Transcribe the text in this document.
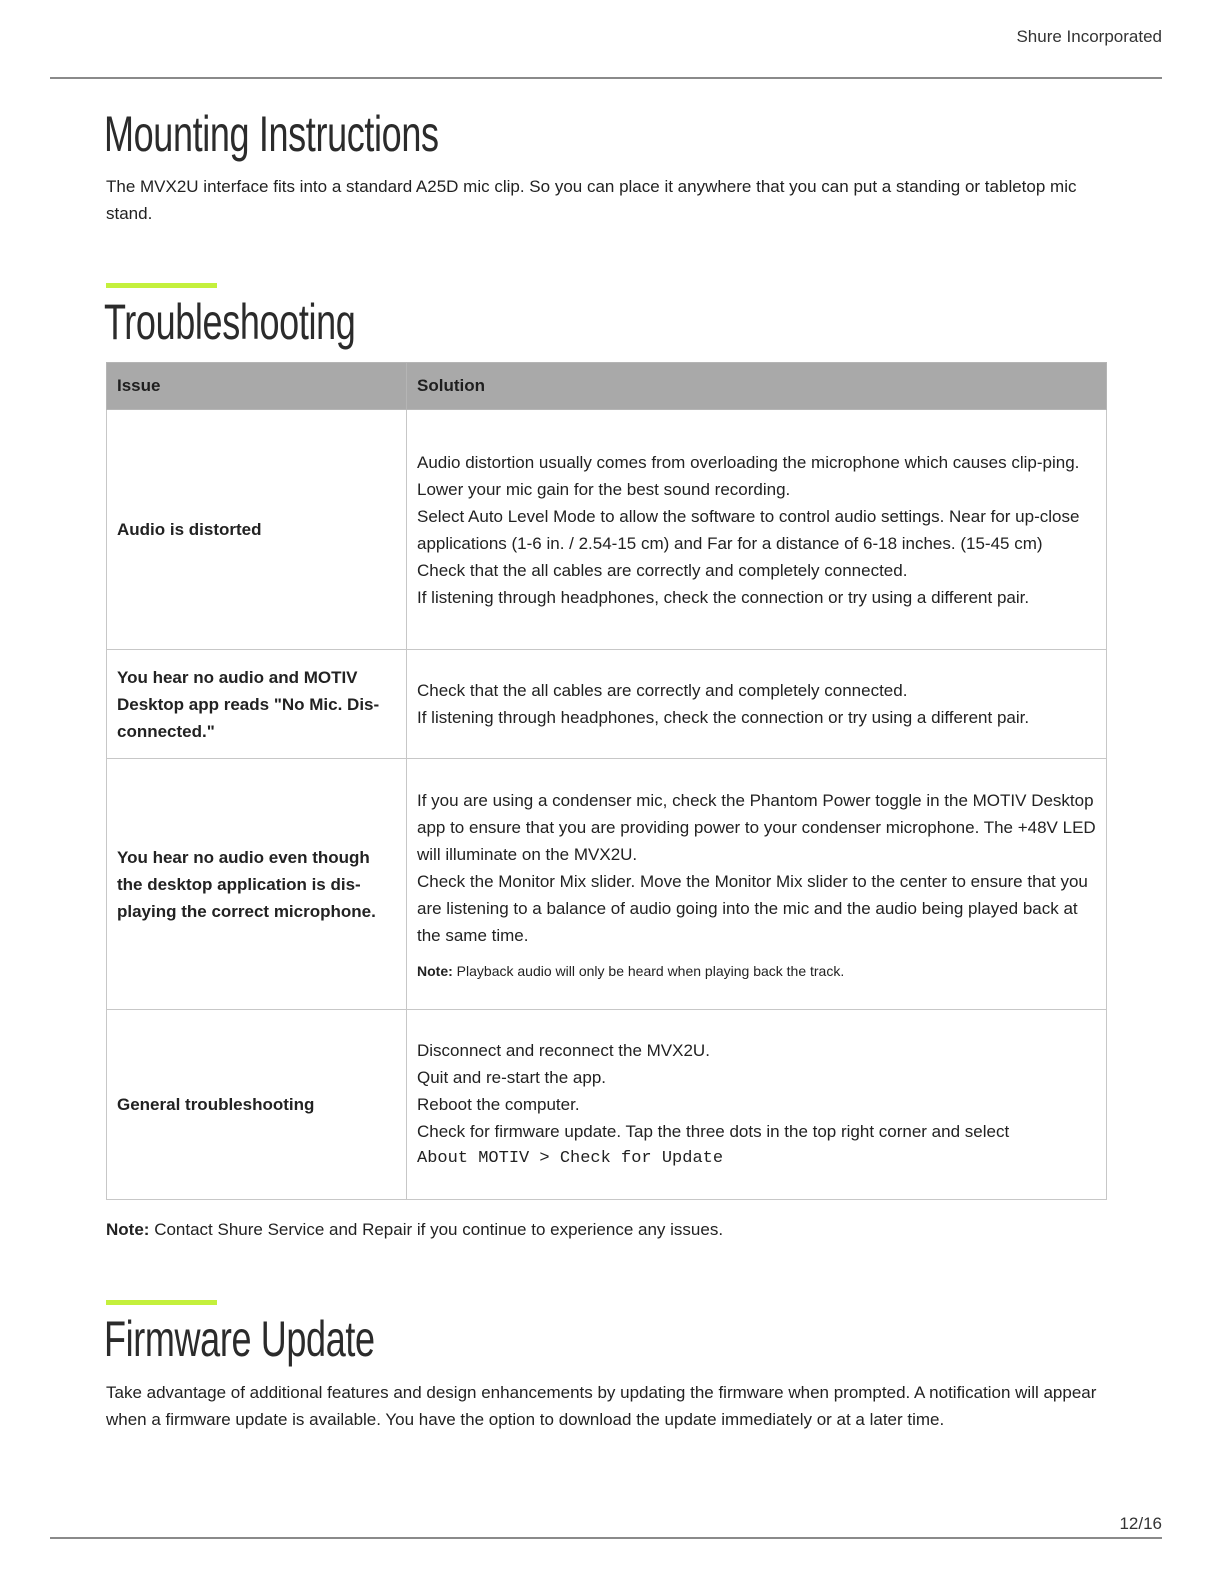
Shure Incorporated
Mounting Instructions

The MVX2U interface fits into a standard A25D mic clip. So you can place it anywhere that you can put a standing or tabletop mic stand.

Troubleshooting
Issue	Solution
Audio is distorted	Audio distortion usually comes from overloading the microphone which causes clip-ping. Lower your mic gain for the best sound recording.
Select Auto Level Mode to allow the software to control audio settings. Near for up-close applications (1-6 in. / 2.54-15 cm) and Far for a distance of 6-18 inches. (15-45 cm)
Check that the all cables are correctly and completely connected.
If listening through headphones, check the connection or try using a different pair.

You hear no audio and MOTIV Desktop app reads "No Mic. Dis-connected."	Check that the all cables are correctly and completely connected.
If listening through headphones, check the connection or try using a different pair.

You hear no audio even though the desktop application is dis-playing the correct microphone.	If you are using a condenser mic, check the Phantom Power toggle in the MOTIV Desktop app to ensure that you are providing power to your condenser microphone. The +48V LED will illuminate on the MVX2U.
Check the Monitor Mix slider. Move the Monitor Mix slider to the center to ensure that you are listening to a balance of audio going into the mic and the audio being played back at the same time.
Note: Playback audio will only be heard when playing back the track.

General troubleshooting	Disconnect and reconnect the MVX2U.
Quit and re-start the app.
Reboot the computer.
Check for firmware update. Tap the three dots in the top right corner and select
About MOTIV > Check for Update

Note: Contact Shure Service and Repair if you continue to experience any issues.

Firmware Update

Take advantage of additional features and design enhancements by updating the firmware when prompted. A notification will appear when a firmware update is available. You have the option to download the update immediately or at a later time.

12/16
